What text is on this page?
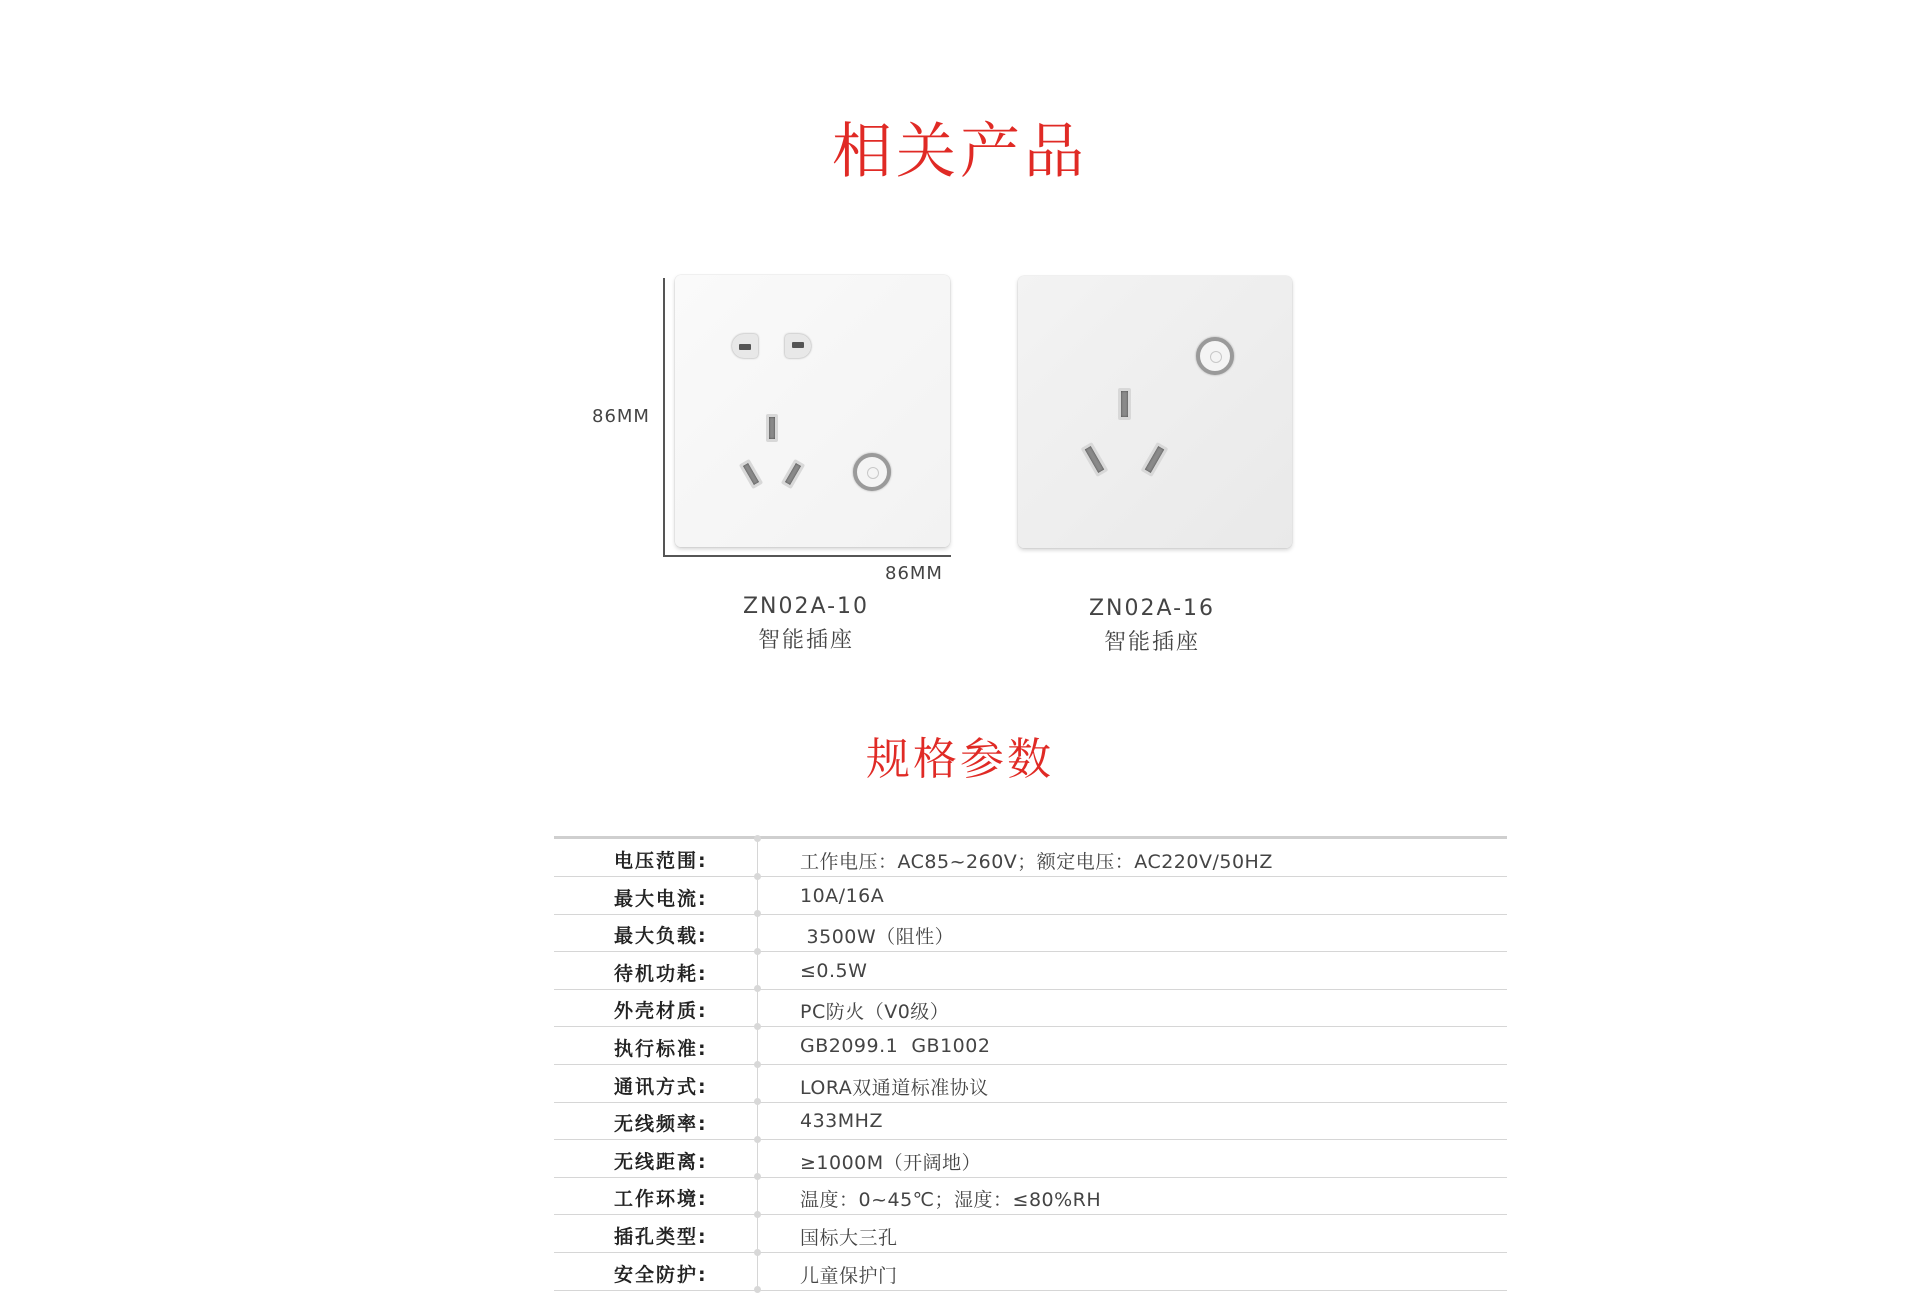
相关产品
86MM
86MM
ZN02A-10
智能插座
ZN02A-16
智能插座
规格参数
电压范围:	工作电压：AC85~260V；额定电压：AC220V/50HZ
最大电流:	10A/16A
最大负载:	3500W（阻性）
待机功耗:	≤0.5W
外壳材质:	PC防火（V0级）
执行标准:	GB2099.1  GB1002
通讯方式:	LORA双通道标准协议
无线频率:	433MHZ
无线距离:	≥1000M（开阔地）
工作环境:	温度：0~45℃；湿度：≤80%RH
插孔类型:	国标大三孔
安全防护:	儿童保护门
